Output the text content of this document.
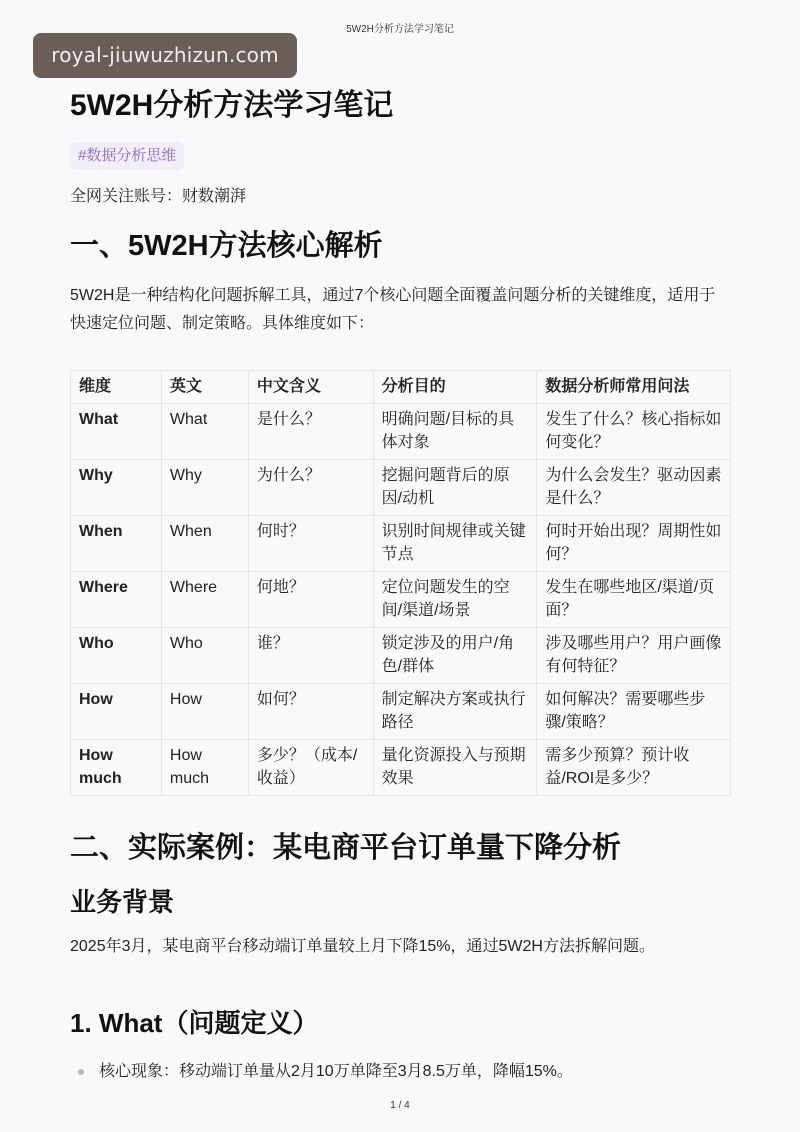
5W2H分析方法学习笔记
royal-jiuwuzhizun.com
5W2H分析方法学习笔记
#数据分析思维
全网关注账号：财数潮湃
一、5W2H方法核心解析

5W2H是一种结构化问题拆解工具，通过7个核心问题全面覆盖问题分析的关键维度，适用于快速定位问题、制定策略。具体维度如下：

维度	英文	中文含义	分析目的	数据分析师常用问法
What	What	是什么？	明确问题/目标的具体对象	发生了什么？核心指标如何变化？
Why	Why	为什么？	挖掘问题背后的原因/动机	为什么会发生？驱动因素是什么？
When	When	何时？	识别时间规律或关键节点	何时开始出现？周期性如何？
Where	Where	何地？	定位问题发生的空间/渠道/场景	发生在哪些地区/渠道/页面？
Who	Who	谁？	锁定涉及的用户/角色/群体	涉及哪些用户？用户画像有何特征？
How	How	如何？	制定解决方案或执行路径	如何解决？需要哪些步骤/策略？
How much	How much	多少？（成本/收益）	量化资源投入与预期效果	需多少预算？预计收益/ROI是多少？
二、实际案例：某电商平台订单量下降分析
业务背景

2025年3月，某电商平台移动端订单量较上月下降15%，通过5W2H方法拆解问题。

1. What（问题定义）
核心现象：移动端订单量从2月10万单降至3月8.5万单，降幅15%。
1 / 4
